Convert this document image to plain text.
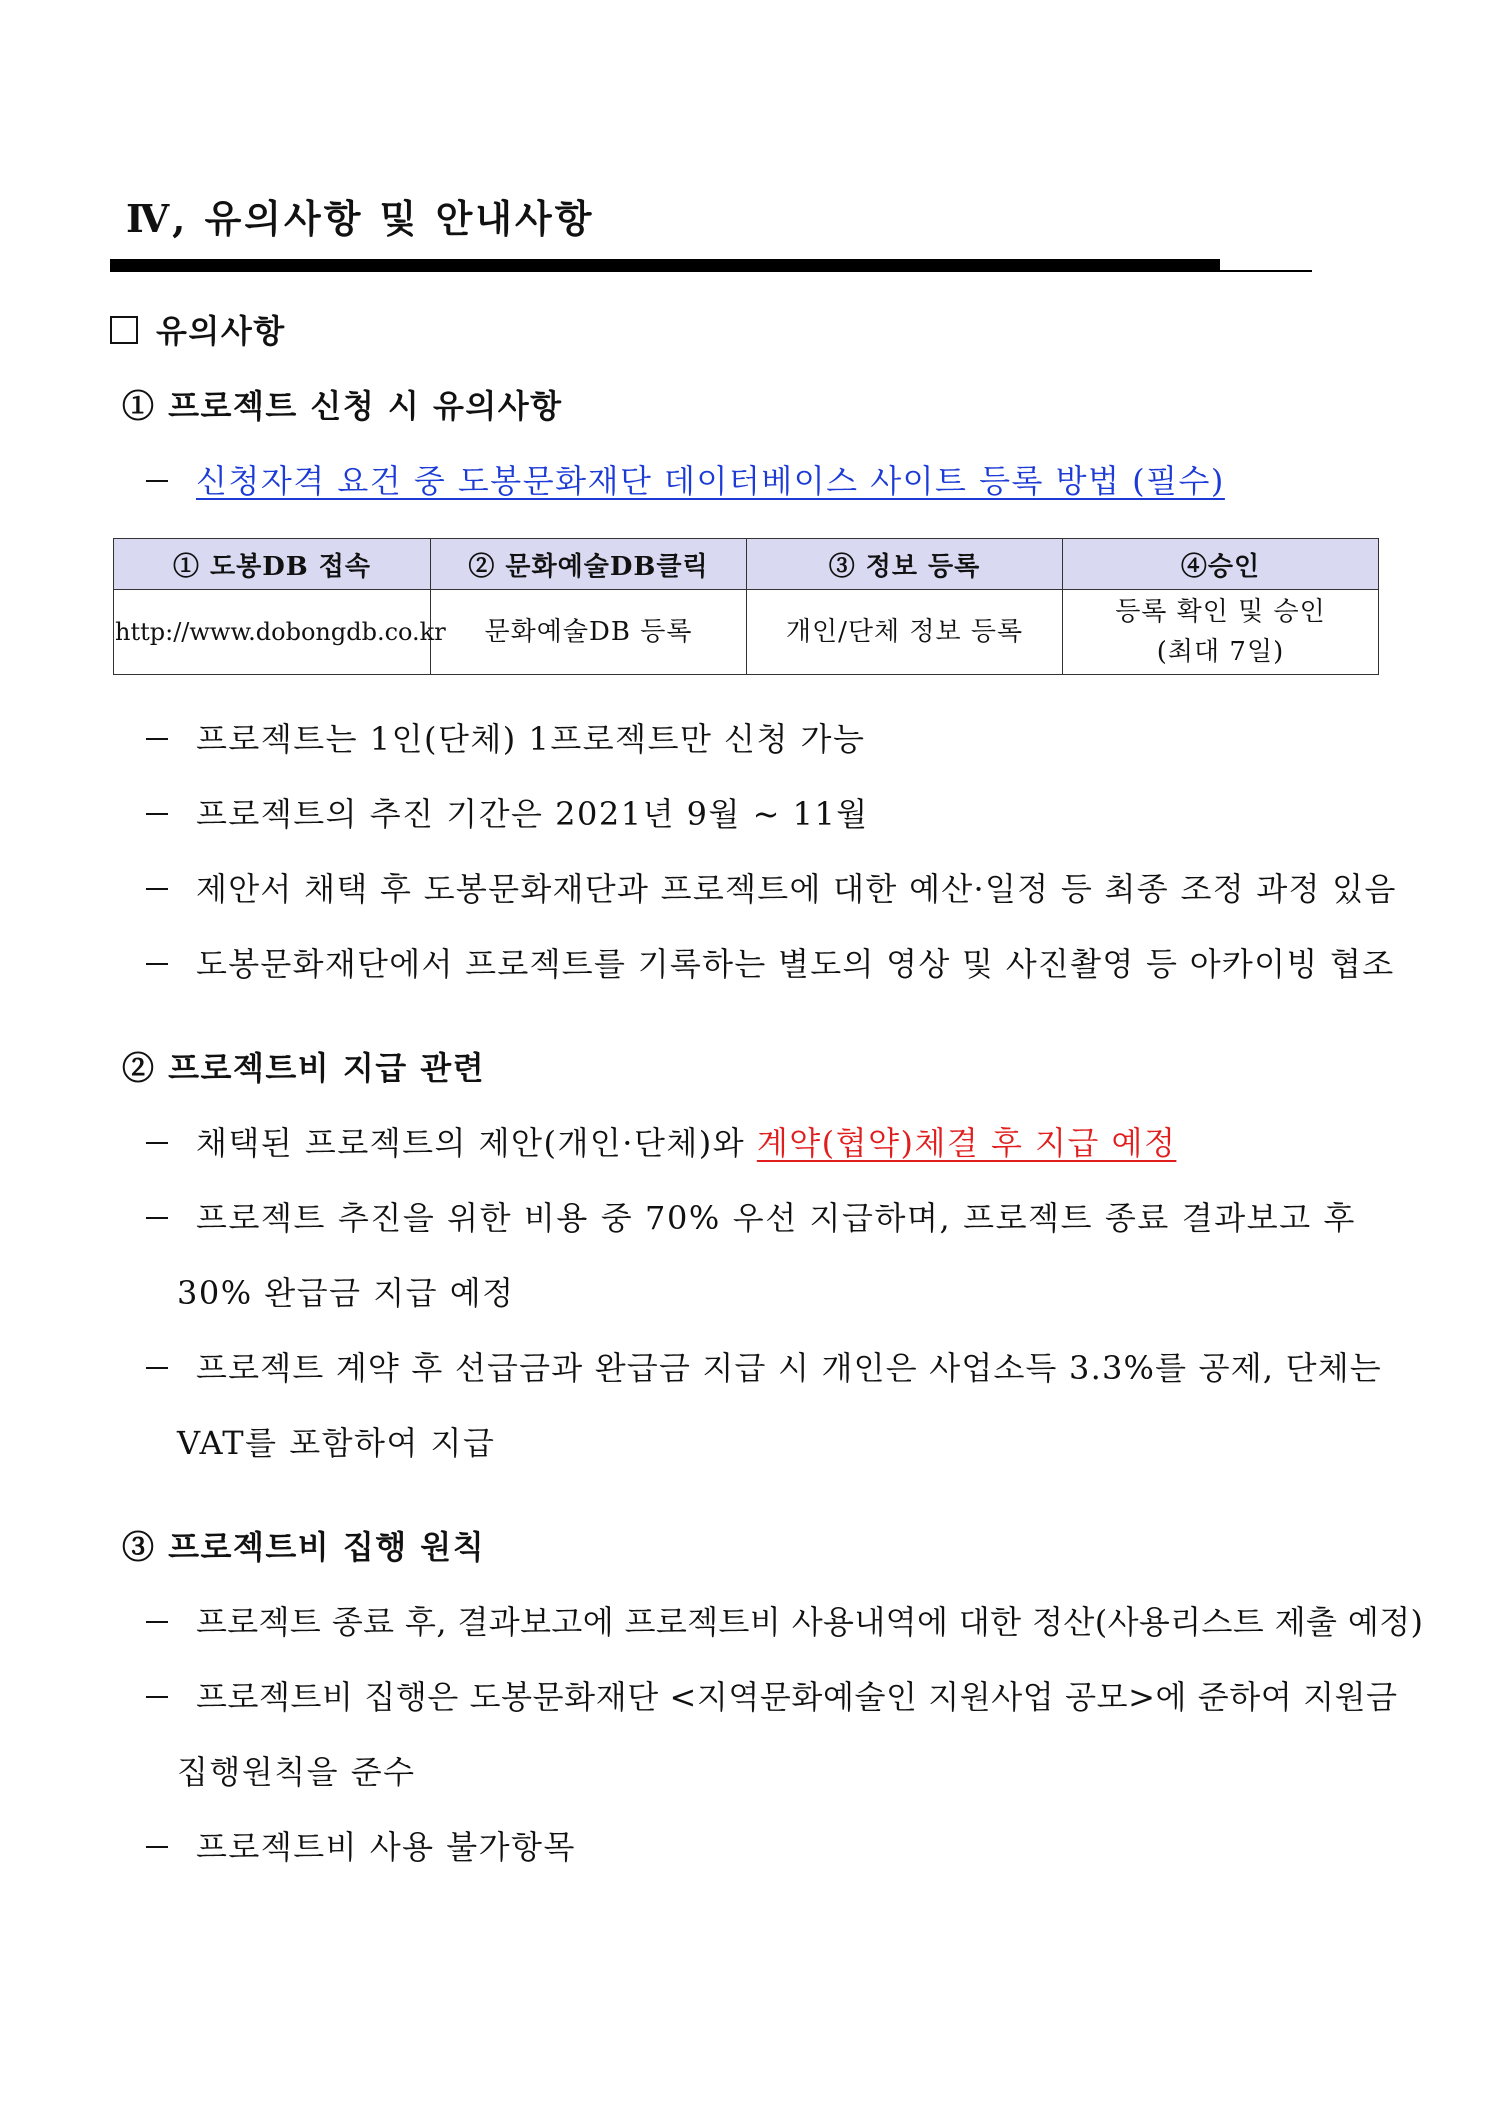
Ⅳ, 유의사항 및 안내사항
유의사항
① 프로젝트 신청 시 유의사항
신청자격 요건 중 도봉문화재단 데이터베이스 사이트 등록 방법 (필수)
① 도봉DB 접속	② 문화예술DB클릭	③ 정보 등록	④승인
http://www.dobongdb.co.kr	문화예술DB 등록	개인/단체 정보 등록	등록 확인 및 승인
(최대 7일)
프로젝트는 1인(단체) 1프로젝트만 신청 가능
프로젝트의 추진 기간은 2021년 9월 ~ 11월
제안서 채택 후 도봉문화재단과 프로젝트에 대한 예산·일정 등 최종 조정 과정 있음
도봉문화재단에서 프로젝트를 기록하는 별도의 영상 및 사진촬영 등 아카이빙 협조
② 프로젝트비 지급 관련
채택된 프로젝트의 제안(개인·단체)와 계약(협약)체결 후 지급 예정
프로젝트 추진을 위한 비용 중 70% 우선 지급하며, 프로젝트 종료 결과보고 후
30% 완급금 지급 예정
프로젝트 계약 후 선급금과 완급금 지급 시 개인은 사업소득 3.3%를 공제, 단체는
VAT를 포함하여 지급
③ 프로젝트비 집행 원칙
프로젝트 종료 후, 결과보고에 프로젝트비 사용내역에 대한 정산(사용리스트 제출 예정)
프로젝트비 집행은 도봉문화재단 <지역문화예술인 지원사업 공모>에 준하여 지원금
집행원칙을 준수
프로젝트비 사용 불가항목
